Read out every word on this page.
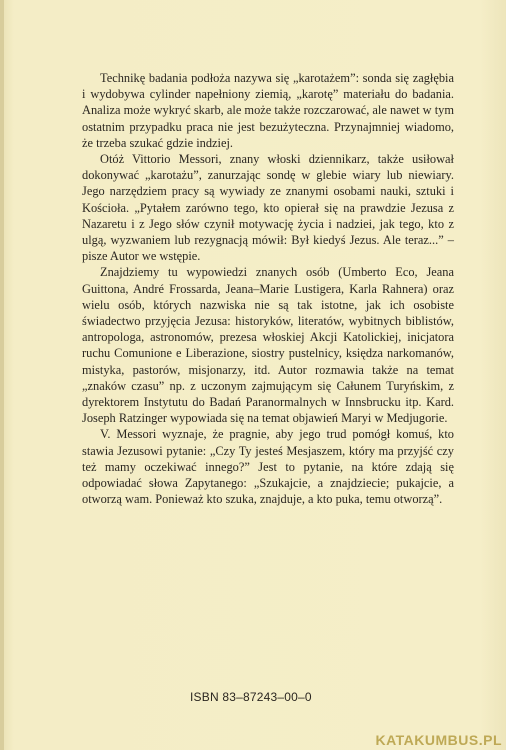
Technikę badania podłoża nazywa się „karotażem”: sonda się zagłębia i wydobywa cylinder napełniony ziemią, „karotę” materiału do badania. Analiza może wykryć skarb, ale może także rozczarować, ale nawet w tym ostatnim przypadku praca nie jest bezużyteczna. Przynajmniej wiadomo, że trzeba szukać gdzie indziej.

Otóż Vittorio Messori, znany włoski dziennikarz, także usiłował dokonywać „karotażu”, zanurzając sondę w glebie wiary lub niewiary. Jego narzędziem pracy są wywiady ze znanymi osobami nauki, sztuki i Kościoła. „Pytałem zarówno tego, kto opierał się na prawdzie Jezusa z Nazaretu i z Jego słów czynił motywację życia i nadziei, jak tego, kto z ulgą, wyzwaniem lub rezygnacją mówił: Był kiedyś Jezus. Ale teraz...” – pisze Autor we wstępie.

Znajdziemy tu wypowiedzi znanych osób (Umberto Eco, Jeana Guittona, André Frossarda, Jeana–Marie Lustigera, Karla Rahnera) oraz wielu osób, których nazwiska nie są tak istotne, jak ich osobiste świadectwo przyjęcia Jezusa: historyków, literatów, wybitnych biblistów, antropologa, astronomów, prezesa włoskiej Akcji Katolickiej, inicjatora ruchu Comunione e Liberazione, siostry pustelnicy, księdza narkomanów, mistyka, pastorów, misjonarzy, itd. Autor rozmawia także na temat „znaków czasu” np. z uczonym zajmującym się Całunem Turyńskim, z dyrektorem Instytutu do Badań Paranormalnych w Innsbrucku itp. Kard. Joseph Ratzinger wypowiada się na temat objawień Maryi w Medjugorie.

V. Messori wyznaje, że pragnie, aby jego trud pomógł komuś, kto stawia Jezusowi pytanie: „Czy Ty jesteś Mesjaszem, który ma przyjść czy też mamy oczekiwać innego?” Jest to pytanie, na które zdają się odpowiadać słowa Zapytanego: „Szukajcie, a znajdziecie; pukajcie, a otworzą wam. Ponieważ kto szuka, znajduje, a kto puka, temu otworzą”.

ISBN 83–87243–00–0
KATAKUMBUS.PL
